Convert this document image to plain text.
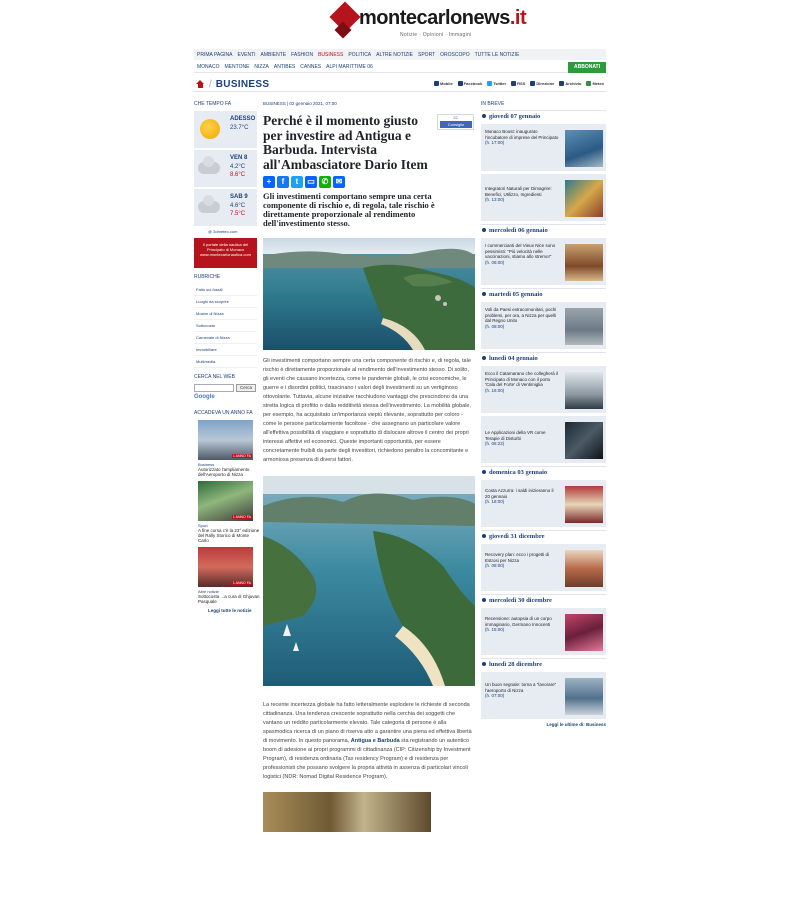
montecarlonews.it
Notizie · Opinioni · Immagini
PRIMA PAGINA EVENTI AMBIENTE FASHION BUSINESS POLITICA ALTRE NOTIZIE SPORT OROSCOPO TUTTE LE NOTIZIE
MONACO MENTONE NIZZA ANTIBES CANNES ALPI MARITTIME 06	ABBONATI
/ BUSINESS	Mobile	Facebook	Twitter	RSS	Direzione	Archivio	Meteo
CHE TEMPO FA
ADESSO
23.7°C
VEN 8
4.2°C
8.6°C
SAB 9
4.6°C
7.5°C
@ 3dmeteo.com
Il portale della nautica del Principato di Monaco www.montecarlonautica.com
RUBRICHE
Fatto sui fossili
Luoghi da scoprire
Mostre di Nizza
Sottocosta
Carnevale di Nizza
Immobiliare
Multimedia
CERCA NEL WEB
Cerca
Google
ACCADEVA UN ANNO FA
1 ANNO FA
Business
Autorizzato l'ampliamento dell'Aeroporto di Nizza
1 ANNO FA
Sport
A fine corsa c'è la 23° edizione del Rally Storico di Monte Carlo
1 ANNO FA
Altre notizie
Sottocosta ...a cura di Ghjuvan Pasquale
Leggi tutte le notizie
BUSINESS | 02 gennaio 2021, 07:00
Perché è il momento giusto per investire ad Antigua e Barbuda. Intervista all'Ambasciatore Dario Item
+	f	t	▭ ✆ ✉
Gli investimenti comportano sempre una certa componente di rischio e, di regola, tale rischio è direttamente proporzionale al rendimento dell'investimento stesso.

Gli investimenti comportano sempre una certa componente di rischio e, di regola, tale rischio è direttamente proporzionale al rendimento dell'investimento stesso. Di solito, gli eventi che causano incertezza, come le pandemie globali, le crisi economiche, le guerre e i disordini politici, trascinano i valori degli investimenti su un vertiginoso ottovolante. Tuttavia, alcune iniziative racchiudono vantaggi che prescindono da una stretta logica di profitto o dalla redditività stessa dell'investimento. La mobilità globale, per esempio, ha acquisitato un'importanza viepiù rilevante, soprattutto per coloro - come le persone particolarmente facoltose - che assegnano un particolare valore all'effettiva possibilità di viaggiare e soprattutto di dislocare altrove il centro dei propri interessi affettivi ed economici. Queste importanti opportunità, per essere concretamente fruibili da parte degli investitori, richiedono peraltro la concomitante e armoniosa presenza di diversi fattori.

La recente incertezza globale ha fatto letteralmente esplodere le richieste di seconda cittadinanza. Una tendenza crescente soprattutto nella cerchia dei soggetti che vantano un reddito particolarmente elevato. Tale categoria di persone è alla spasmodica ricerca di un piano di riserva atto a garantire una piena ed effettiva libertà di movimento. In questo panorama, Antigua e Barbuda sta registrando un autentico boom di adesione ai propri programmi di cittadinanza (CIP: Citizenship by Investment Program), di residenza ordinaria (Tax residency Program) e di residenza per professionisti che possano svolgere la propria attività in assenza di particolari vincoli logistici (NDR: Nomad Digital Residence Program).

22
Consiglio
IN BREVE
giovedì 07 gennaio
Monaco Boost: inaugurato l'incubatore di imprese del Principato
(h. 17:00)
Integratori Naturali per Dimagrire: Benefici, Utilizzo, Ingredienti
(h. 13:00)
mercoledì 06 gennaio
I commercianti del Vieux Nice sono pessimisti: "Più velocità nelle vaccinazioni, stiamo allo stremo!"
(h. 08:00)
martedì 05 gennaio
Voli da Paesi extracomunitari, pochi problemi, per ora, a Nizza per quelli dal Regno Unito
(h. 08:00)
lunedì 04 gennaio
Ecco il Catamarano che collegherà il Principato di Monaco con il porto 'Cala del Forte' di Ventimiglia
(h. 16:00)
Le Applicazioni della VR come Terapie di Disturbi
(h. 06:22)
domenica 03 gennaio
Costa Azzurra: i saldi inizieranno il 20 gennaio
(h. 18:00)
giovedì 31 dicembre
Recovery plan: ecco i progetti di Estrosi per Nizza
(h. 08:00)
mercoledì 30 dicembre
Recensione: autopsia di un corpo immaginario, Germano Innocenti
(h. 15:00)
lunedì 28 dicembre
Un buon segnale: torna a "lavorare" l'aeroporto di Nizza
(h. 07:00)
Leggi le ultime di: Business
